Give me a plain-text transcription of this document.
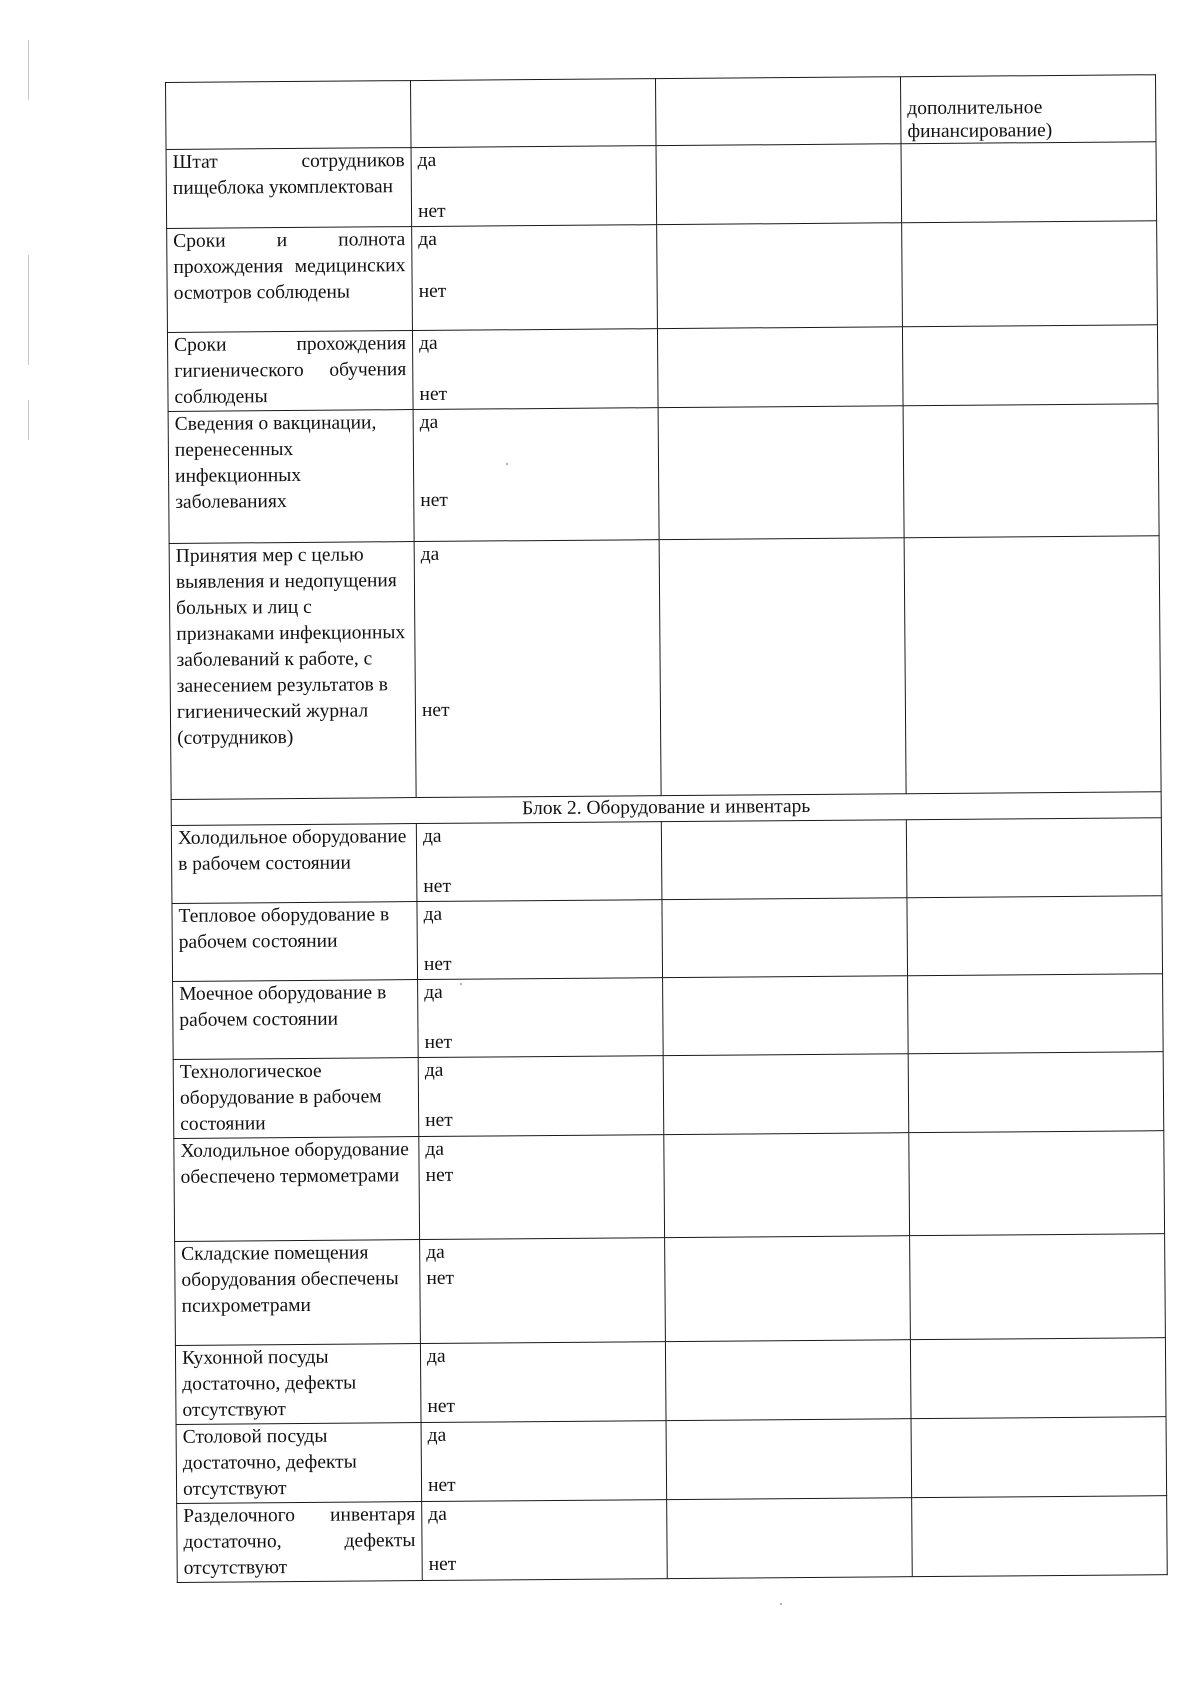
			дополнительное финансирование)

Штат сотрудников пищеблока укомплектован	да
нет		

Сроки и полнота прохождения медицинских осмотров соблюдены	да
нет		

Сроки прохождения гигиенического обучения соблюдены	да
нет		

Сведения о вакцинации, перенесенных инфекционных заболеваниях	да
нет		

Принятия мер с целью выявления и недопущения больных и лиц с признаками инфекционных заболеваний к работе, с занесением результатов в гигиенический журнал (сотрудников)	да
нет		

Блок 2. Оборудование и инвентарь			
Холодильное оборудование в рабочем состоянии	да
нет		

Тепловое оборудование в рабочем состоянии	да
нет		

Моечное оборудование в рабочем состоянии	да
нет		

Технологическое оборудование в рабочем состоянии	да
нет		

Холодильное оборудование обеспечено термометрами	да
нет		

Складские помещения оборудования обеспечены психрометрами	да
нет		

Кухонной посуды достаточно, дефекты отсутствуют	да
нет		

Столовой посуды достаточно, дефекты отсутствуют	да
нет		

Разделочного инвентаря достаточно, дефекты отсутствуют	да
нет		
